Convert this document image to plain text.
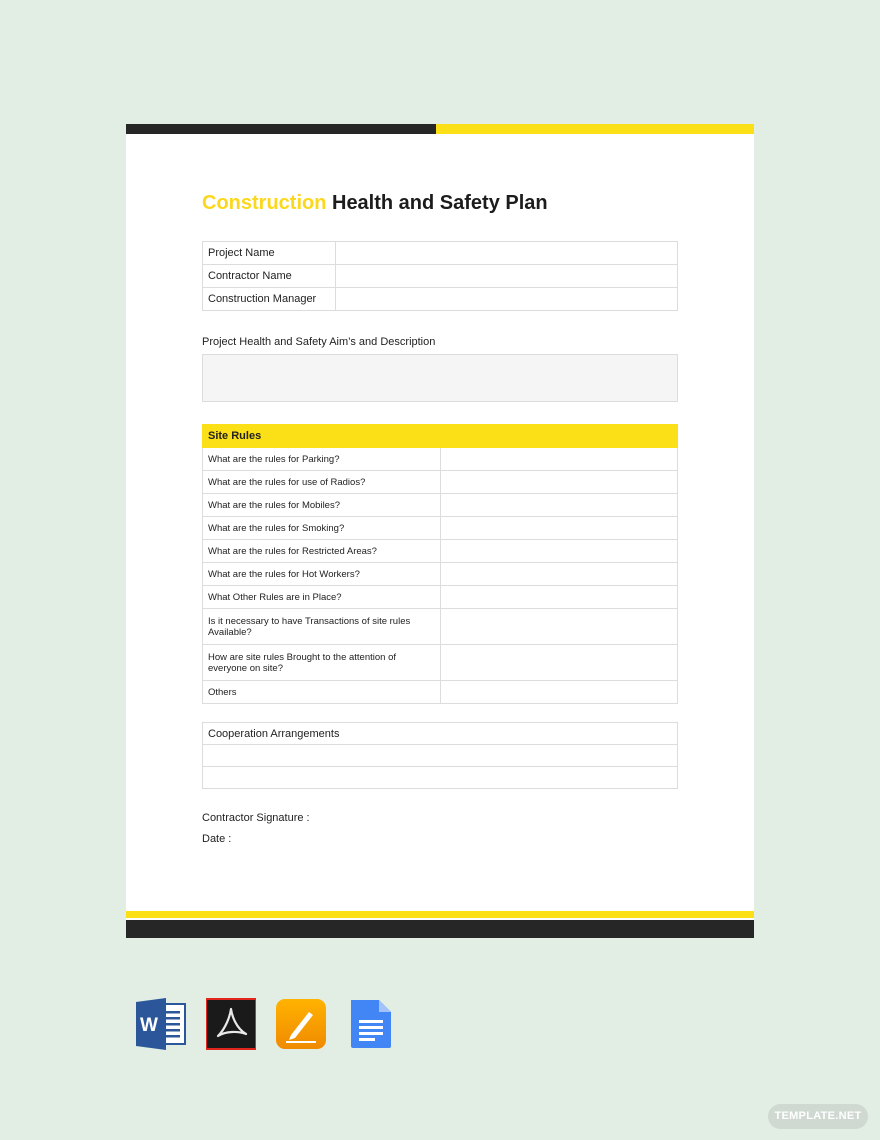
Construction Health and Safety Plan
Project Name	
Contractor Name	
Construction Manager	
Project Health and Safety Aim’s and Description
Site Rules	
What are the rules for Parking?	
What are the rules for use of Radios?	
What are the rules for Mobiles?	
What are the rules for Smoking?	
What are the rules for Restricted Areas?	
What are the rules for Hot Workers?	
What Other Rules are in Place?	
Is it necessary to have Transactions of site rules Available?	
How are site rules Brought to the attention of everyone on site?	
Others	
Cooperation Arrangements

Contractor Signature :
Date :
W
TEMPLATE.NET
